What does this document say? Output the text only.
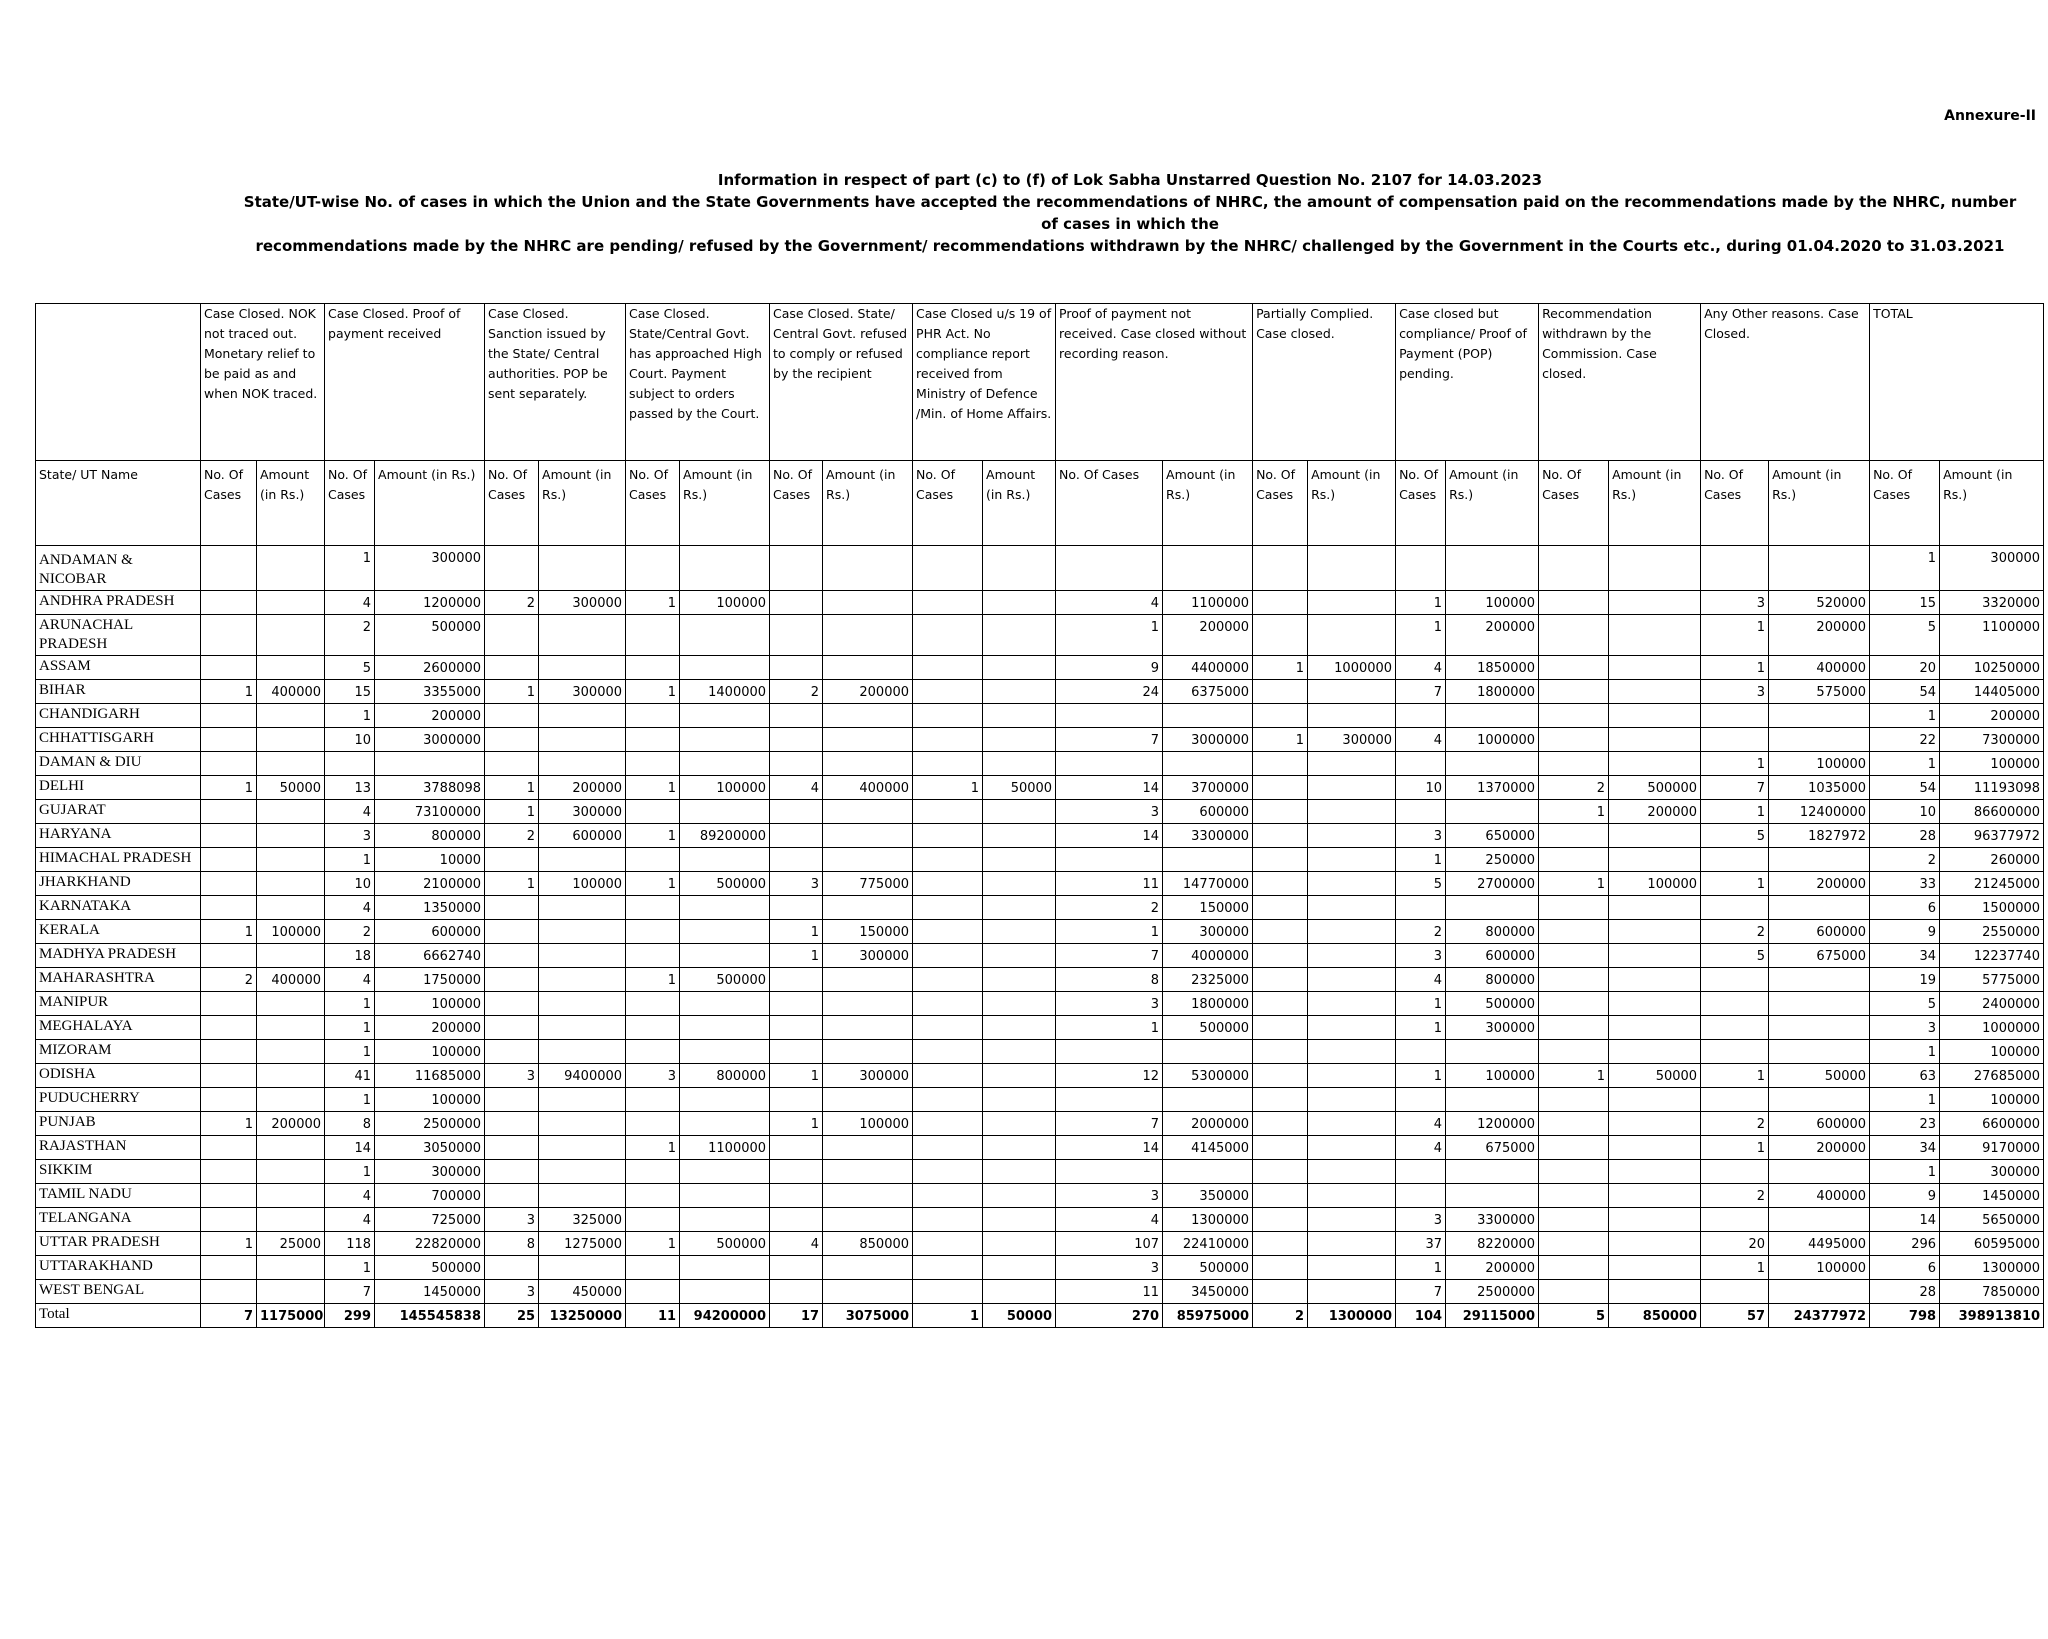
Annexure-II
Information in respect of part (c) to (f) of Lok Sabha Unstarred Question No. 2107 for 14.03.2023
State/UT-wise No. of cases in which the Union and the State Governments have accepted the recommendations of NHRC, the amount of compensation paid on the recommendations made by the NHRC, number of cases in which the
recommendations made by the NHRC are pending/ refused by the Government/ recommendations withdrawn by the NHRC/ challenged by the Government in the Courts etc., during 01.04.2020 to 31.03.2021
	Case Closed. NOK not traced out. Monetary relief to be paid as and when NOK traced.		Case Closed. Proof of payment received		Case Closed. Sanction issued by the State/ Central authorities. POP be sent separately.		Case Closed. State/Central Govt. has approached High Court. Payment subject to orders passed by the Court.		Case Closed. State/ Central Govt. refused to comply or refused by the recipient		Case Closed u/s 19 of PHR Act. No compliance report received from Ministry of Defence /Min. of Home Affairs.		Proof of payment not received. Case closed without recording reason.		Partially Complied. Case closed.		Case closed but compliance/ Proof of Payment (POP) pending.		Recommendation withdrawn by the Commission. Case closed.		Any Other reasons. Case Closed.		TOTAL	
State/ UT Name	No. Of Cases	Amount (in Rs.)	No. Of Cases	Amount (in Rs.)	No. Of Cases	Amount (in Rs.)	No. Of Cases	Amount (in Rs.)	No. Of Cases	Amount (in Rs.)	No. Of Cases	Amount (in Rs.)	No. Of Cases	Amount (in Rs.)	No. Of Cases	Amount (in Rs.)	No. Of Cases	Amount (in Rs.)	No. Of Cases	Amount (in Rs.)	No. Of Cases	Amount (in Rs.)	No. Of Cases	Amount (in Rs.)
ANDAMAN & NICOBAR			1	300000																			1	300000
ANDHRA PRADESH			4	1200000	2	300000	1	100000					4	1100000			1	100000			3	520000	15	3320000
ARUNACHAL PRADESH			2	500000									1	200000			1	200000			1	200000	5	1100000
ASSAM			5	2600000									9	4400000	1	1000000	4	1850000			1	400000	20	10250000
BIHAR	1	400000	15	3355000	1	300000	1	1400000	2	200000			24	6375000			7	1800000			3	575000	54	14405000
CHANDIGARH			1	200000																			1	200000
CHHATTISGARH			10	3000000									7	3000000	1	300000	4	1000000					22	7300000
DAMAN & DIU																					1	100000	1	100000
DELHI	1	50000	13	3788098	1	200000	1	100000	4	400000	1	50000	14	3700000			10	1370000	2	500000	7	1035000	54	11193098
GUJARAT			4	73100000	1	300000							3	600000					1	200000	1	12400000	10	86600000
HARYANA			3	800000	2	600000	1	89200000					14	3300000			3	650000			5	1827972	28	96377972
HIMACHAL PRADESH			1	10000													1	250000					2	260000
JHARKHAND			10	2100000	1	100000	1	500000	3	775000			11	14770000			5	2700000	1	100000	1	200000	33	21245000
KARNATAKA			4	1350000									2	150000									6	1500000
KERALA	1	100000	2	600000					1	150000			1	300000			2	800000			2	600000	9	2550000
MADHYA PRADESH			18	6662740					1	300000			7	4000000			3	600000			5	675000	34	12237740
MAHARASHTRA	2	400000	4	1750000			1	500000					8	2325000			4	800000					19	5775000
MANIPUR			1	100000									3	1800000			1	500000					5	2400000
MEGHALAYA			1	200000									1	500000			1	300000					3	1000000
MIZORAM			1	100000																			1	100000
ODISHA			41	11685000	3	9400000	3	800000	1	300000			12	5300000			1	100000	1	50000	1	50000	63	27685000
PUDUCHERRY			1	100000																			1	100000
PUNJAB	1	200000	8	2500000					1	100000			7	2000000			4	1200000			2	600000	23	6600000
RAJASTHAN			14	3050000			1	1100000					14	4145000			4	675000			1	200000	34	9170000
SIKKIM			1	300000																			1	300000
TAMIL NADU			4	700000									3	350000							2	400000	9	1450000
TELANGANA			4	725000	3	325000							4	1300000			3	3300000					14	5650000
UTTAR PRADESH	1	25000	118	22820000	8	1275000	1	500000	4	850000			107	22410000			37	8220000			20	4495000	296	60595000
UTTARAKHAND			1	500000									3	500000			1	200000			1	100000	6	1300000
WEST BENGAL			7	1450000	3	450000							11	3450000			7	2500000					28	7850000
Total	7	1175000	299	145545838	25	13250000	11	94200000	17	3075000	1	50000	270	85975000	2	1300000	104	29115000	5	850000	57	24377972	798	398913810
